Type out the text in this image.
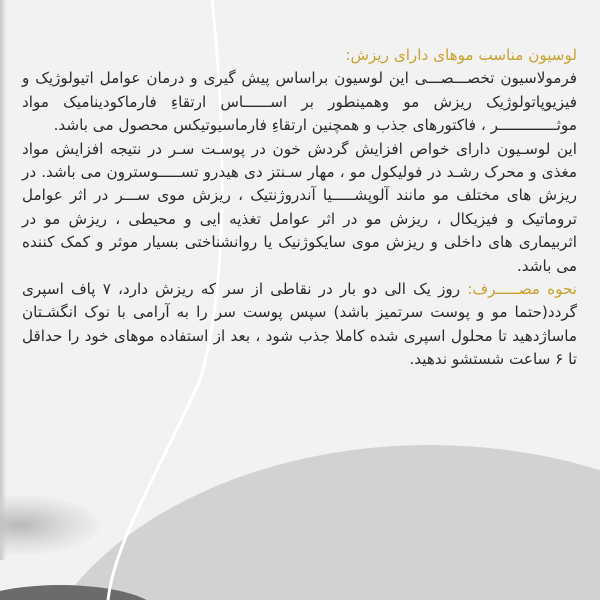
لوسیون مناسب موهای دارای ریزش:

فرمولاسیون تخصـــصـــی این لوسیون براساس پیش گیری و درمان عوامل اتیولوژیک و فیزیوپاتولوژیک ریزش مو وهمینطور بر اســــــاس ارتقاءِ فارماکودینامیک مواد موثـــــــــــــر ، فاکتورهای جذب و همچنین ارتقاءِ فارماسیوتیکس محصول می باشد.

این لوسـیون دارای خواص افزایش گردش خون در پوسـت سـر در نتیجه افزایش مواد مغذی و محرک رشـد در فولیکول مو ، مهار سـنتز دی هیدرو تســـــوسترون می باشد. در ریزش های مختلف مو مانند آلوپشـــــیا آندروژنتیک ، ریزش موی ســـر در اثر عوامل تروماتیک و فیزیکال ، ریزش مو در اثر عوامل تغذیه ایی و محیطی ، ریزش مو در اثربیماری های داخلی و ریزش موی سایکوژنیک یا روانشناختی بسیار موثر و کمک کننده می باشد.

نحوه مصـــــرف: روز یک الی دو بار در نقاطی از سر که ریزش دارد، ۷ پاف اسپری گردد(حتما مو و پوست سرتمیز باشد) سپس پوست سر را به آرامی با نوک انگشـتان ماساژدهید تا محلول اسپری شده کاملا جذب شود ، بعد از استفاده موهای خود را حداقل تا ۶ ساعت شستشو ندهید.
